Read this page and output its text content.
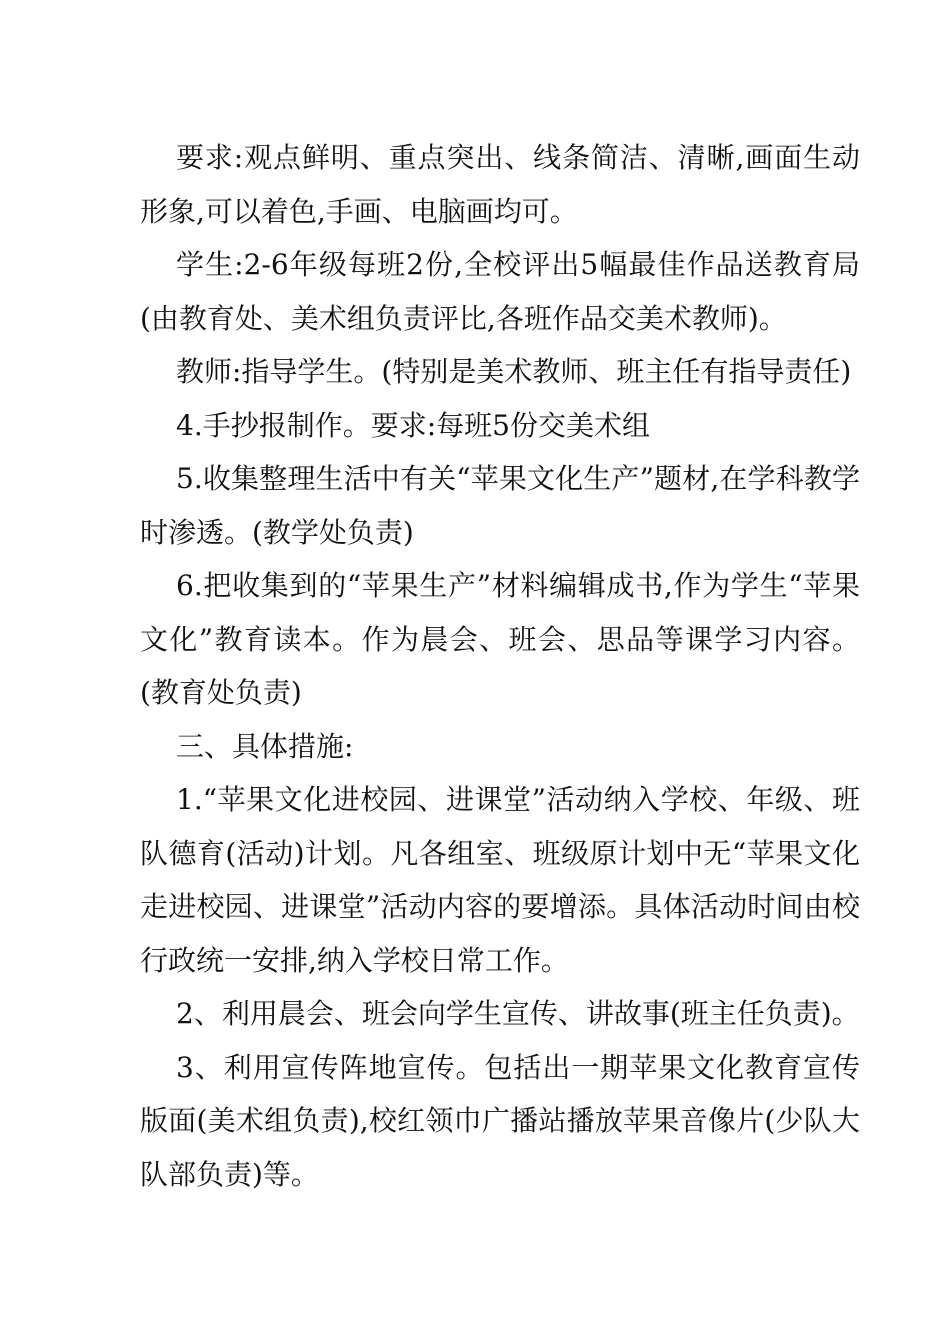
要求:观点鲜明、重点突出、线条简洁、清晰,画面生动形象,可以着色,手画、电脑画均可。

学生:2-6年级每班2份,全校评出5幅最佳作品送教育局(由教育处、美术组负责评比,各班作品交美术教师)。

教师:指导学生。(特别是美术教师、班主任有指导责任)

4.手抄报制作。要求:每班5份交美术组

5.收集整理生活中有关“苹果文化生产”题材,在学科教学时渗透。(教学处负责)

6.把收集到的“苹果生产”材料编辑成书,作为学生“苹果文化”教育读本。作为晨会、班会、思品等课学习内容。(教育处负责)

三、具体措施:

1.“苹果文化进校园、进课堂”活动纳入学校、年级、班队德育(活动)计划。凡各组室、班级原计划中无“苹果文化走进校园、进课堂”活动内容的要增添。具体活动时间由校行政统一安排,纳入学校日常工作。

2、利用晨会、班会向学生宣传、讲故事(班主任负责)。

3、利用宣传阵地宣传。包括出一期苹果文化教育宣传版面(美术组负责),校红领巾广播站播放苹果音像片(少队大队部负责)等。
